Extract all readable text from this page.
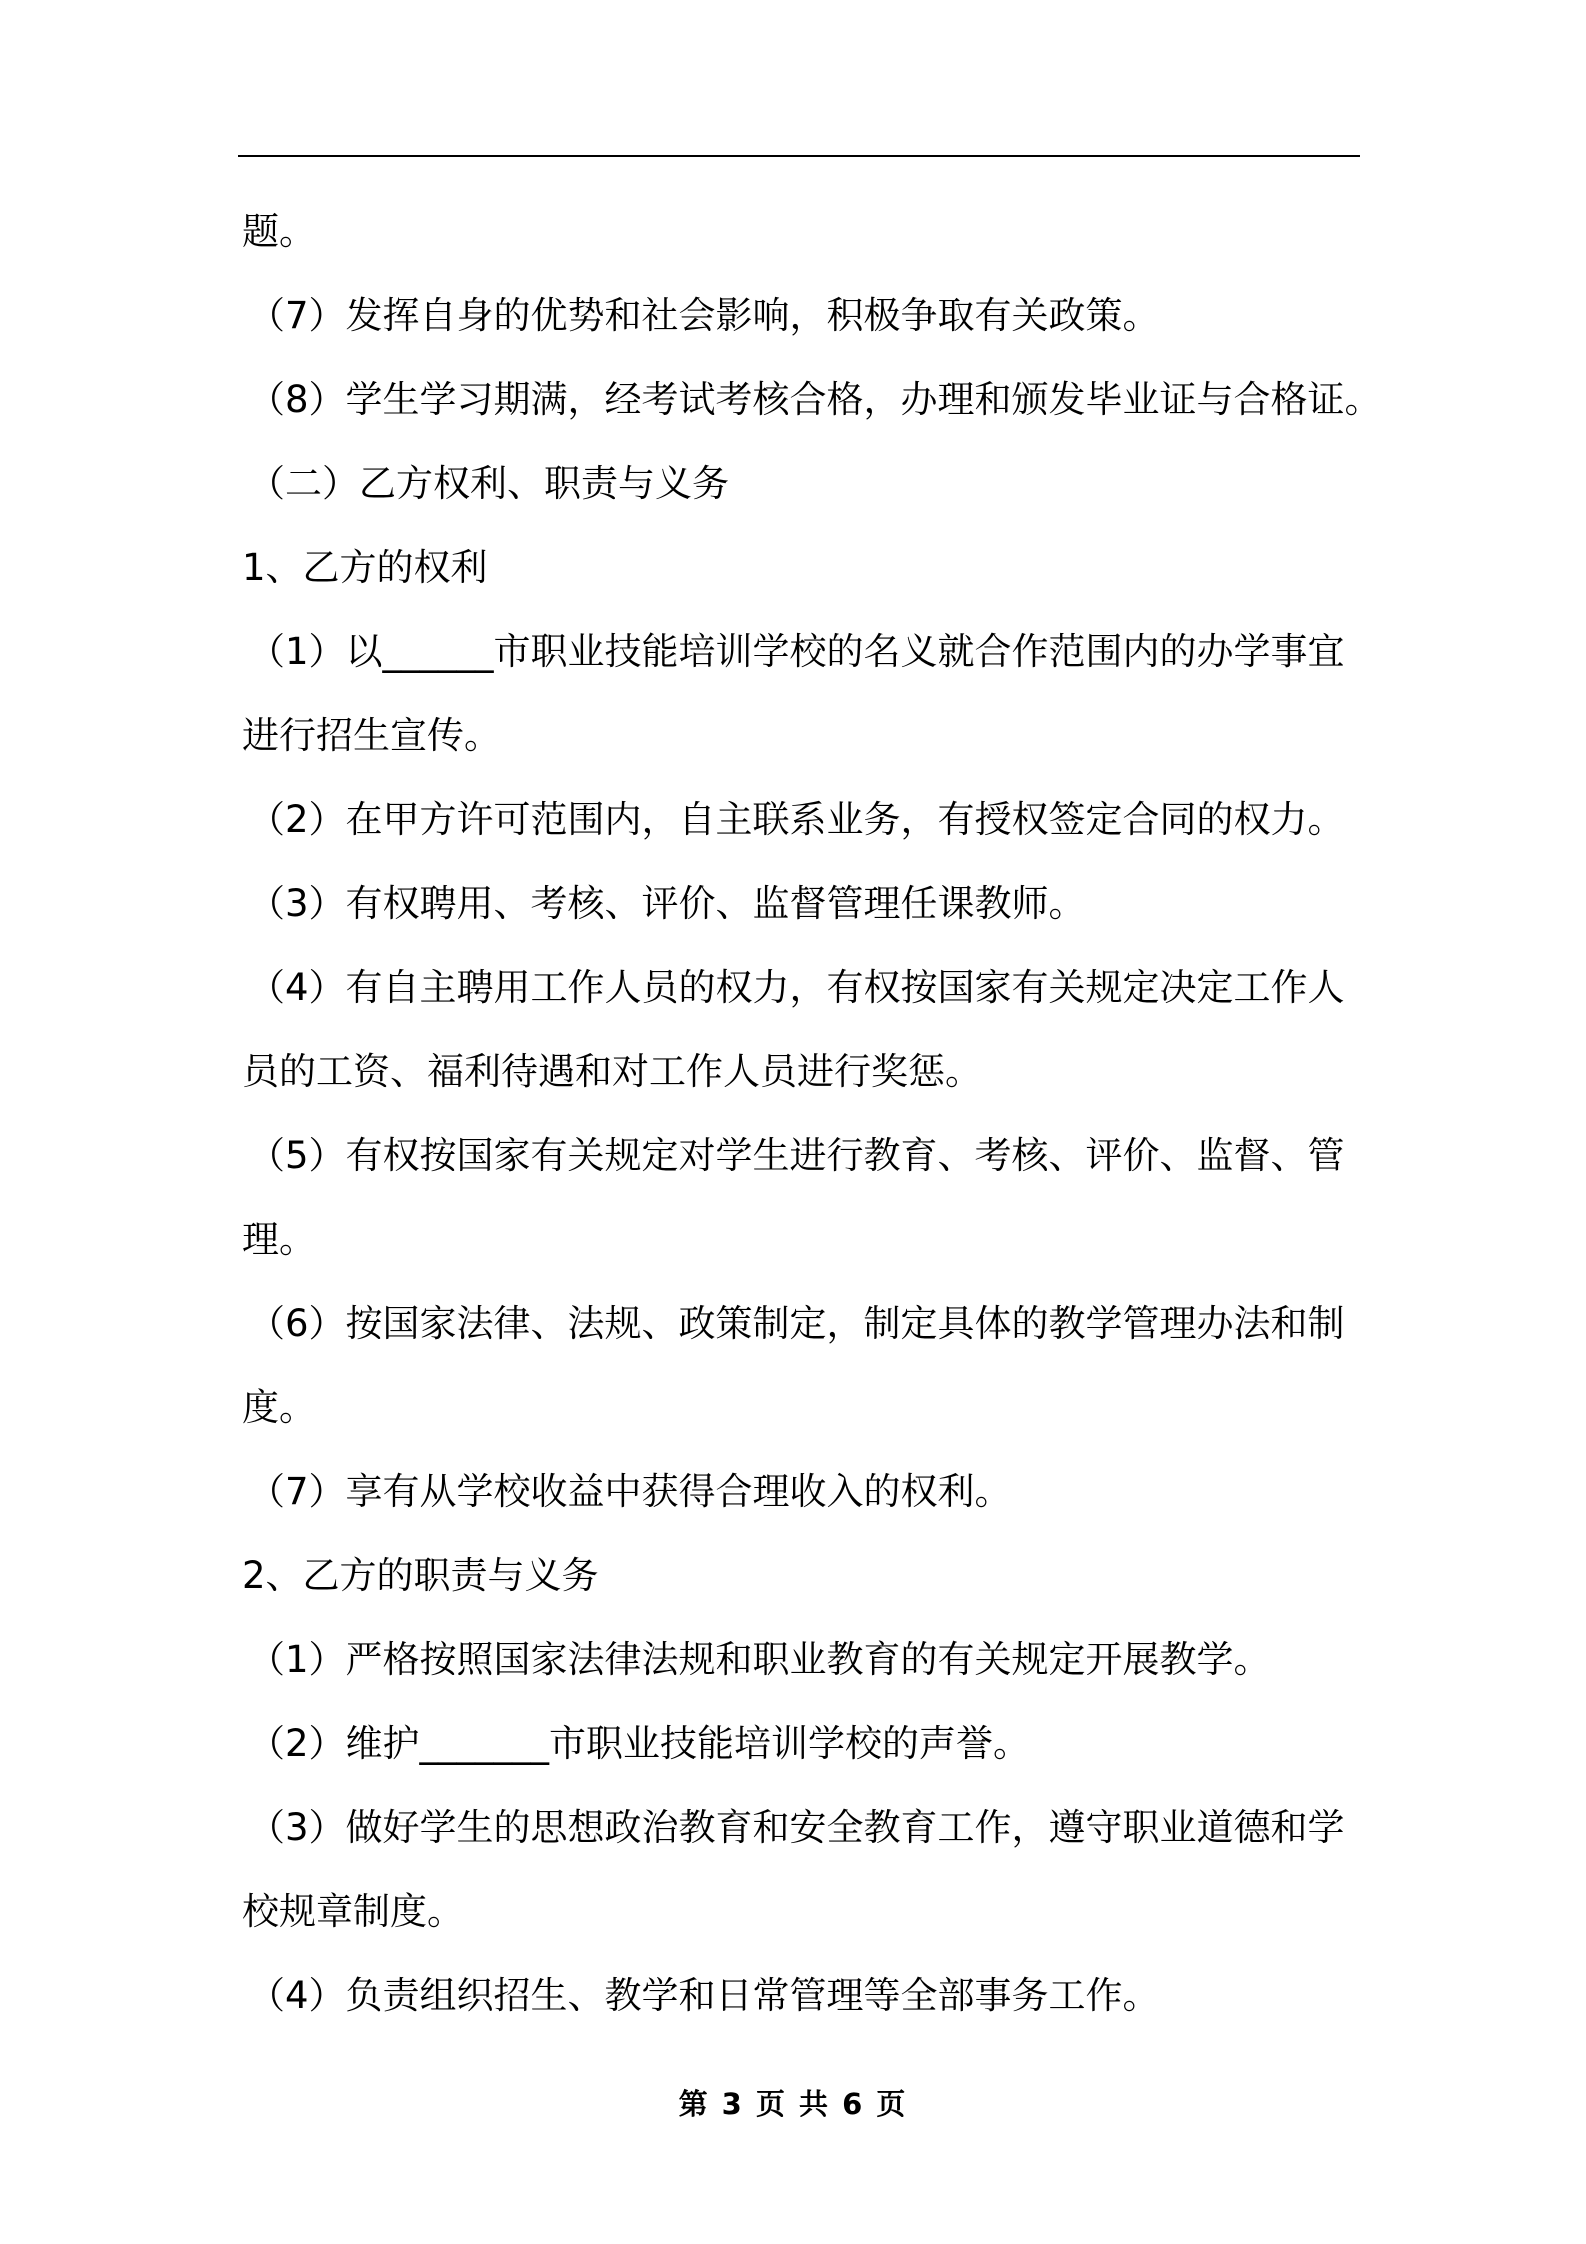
题。

（7）发挥自身的优势和社会影响，积极争取有关政策。

（8）学生学习期满，经考试考核合格，办理和颁发毕业证与合格证。

（二）乙方权利、职责与义务

1、乙方的权利

（1）以______市职业技能培训学校的名义就合作范围内的办学事宜

进行招生宣传。

（2）在甲方许可范围内，自主联系业务，有授权签定合同的权力。

（3）有权聘用、考核、评价、监督管理任课教师。

（4）有自主聘用工作人员的权力，有权按国家有关规定决定工作人

员的工资、福利待遇和对工作人员进行奖惩。

（5）有权按国家有关规定对学生进行教育、考核、评价、监督、管

理。

（6）按国家法律、法规、政策制定，制定具体的教学管理办法和制

度。

（7）享有从学校收益中获得合理收入的权利。

2、乙方的职责与义务

（1）严格按照国家法律法规和职业教育的有关规定开展教学。

（2）维护_______市职业技能培训学校的声誉。

（3）做好学生的思想政治教育和安全教育工作，遵守职业道德和学

校规章制度。

（4）负责组织招生、教学和日常管理等全部事务工作。

第 3 页 共 6 页
